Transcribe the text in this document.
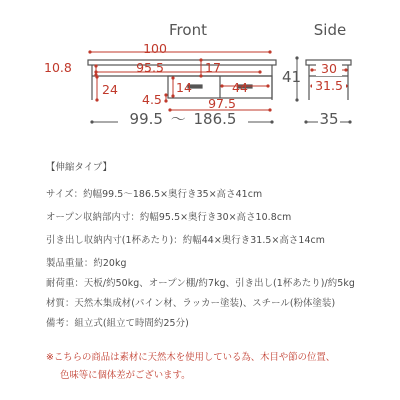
Front	Side
100
95.5
10.8	17
24	14	44
4.5	97.5
41
99.5 〜 186.5
30
31.5
35
【伸縮タイプ】
サイズ：約幅99.5〜186.5×奥行き35×高さ41cm
オープン収納部内寸：約幅95.5×奥行き30×高さ10.8cm
引き出し収納内寸(1杯あたり)：約幅44×奥行き31.5×高さ14cm
製品重量：約20kg
耐荷重：天板/約50kg、オープン棚/約7kg、引き出し(1杯あたり)/約5kg
材質：天然木集成材(パイン材、ラッカー塗装)、スチール(粉体塗装)
備考：組立式(組立て時間約25分)
※こちらの商品は素材に天然木を使用している為、木目や節の位置、
色味等に個体差がございます。
